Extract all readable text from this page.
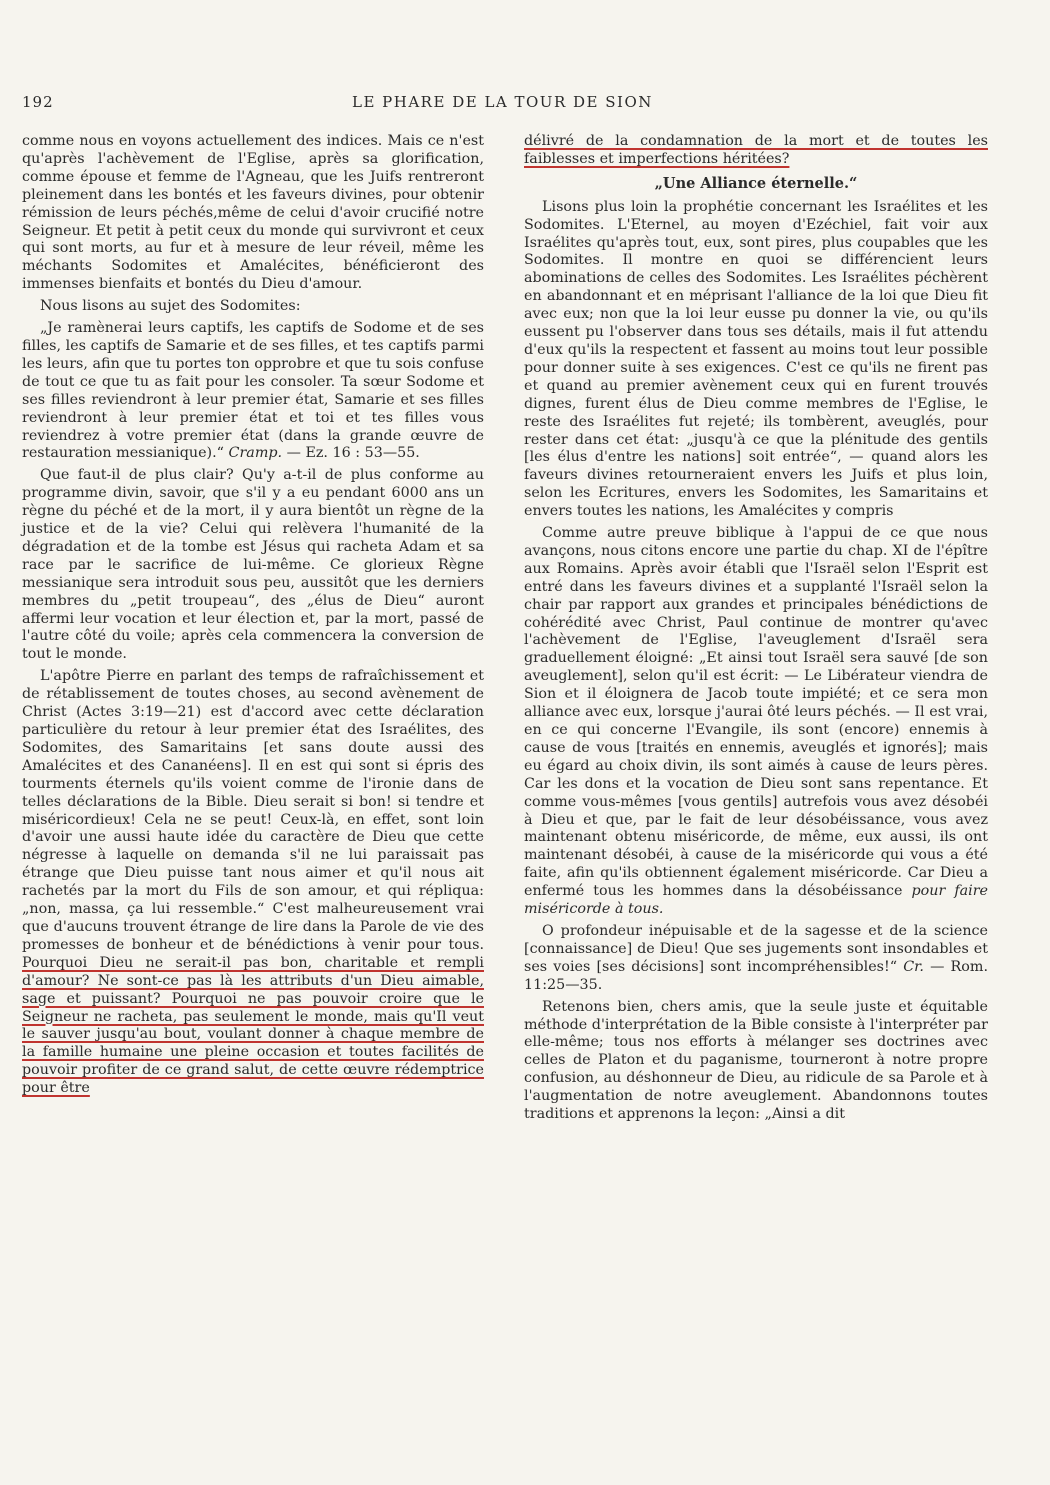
192	LE PHARE DE LA TOUR DE SION

comme nous en voyons actuellement des indices. Mais ce n'est qu'après l'achèvement de l'Eglise, après sa glorification, comme épouse et femme de l'Agneau, que les Juifs rentreront pleinement dans les bontés et les faveurs divines, pour obtenir rémission de leurs péchés,même de celui d'avoir crucifié notre Seigneur. Et petit à petit ceux du monde qui survivront et ceux qui sont morts, au fur et à mesure de leur réveil, même les méchants Sodomites et Amalécites, bénéficieront des immenses bienfaits et bontés du Dieu d'amour.

Nous lisons au sujet des Sodomites:

„Je ramènerai leurs captifs, les captifs de Sodome et de ses filles, les captifs de Samarie et de ses filles, et tes captifs parmi les leurs, afin que tu portes ton opprobre et que tu sois confuse de tout ce que tu as fait pour les consoler. Ta sœur Sodome et ses filles reviendront à leur premier état, Samarie et ses filles reviendront à leur premier état et toi et tes filles vous reviendrez à votre premier état (dans la grande œuvre de restauration messianique).“ Cramp. — Ez. 16 : 53—55.

Que faut-il de plus clair? Qu'y a-t-il de plus conforme au programme divin, savoir, que s'il y a eu pendant 6000 ans un règne du péché et de la mort, il y aura bientôt un règne de la justice et de la vie? Celui qui relèvera l'humanité de la dégradation et de la tombe est Jésus qui racheta Adam et sa race par le sacrifice de lui-même. Ce glorieux Règne messianique sera introduit sous peu, aussitôt que les derniers membres du „petit troupeau“, des „élus de Dieu“ auront affermi leur vocation et leur élection et, par la mort, passé de l'autre côté du voile; après cela commencera la conversion de tout le monde.

L'apôtre Pierre en parlant des temps de rafraîchissement et de rétablissement de toutes choses, au second avènement de Christ (Actes 3:19—21) est d'accord avec cette déclaration particulière du retour à leur premier état des Israélites, des Sodomites, des Samaritains [et sans doute aussi des Amalécites et des Cananéens]. Il en est qui sont si épris des tourments éternels qu'ils voient comme de l'ironie dans de telles déclarations de la Bible. Dieu serait si bon! si tendre et miséricordieux! Cela ne se peut! Ceux-là, en effet, sont loin d'avoir une aussi haute idée du caractère de Dieu que cette négresse à laquelle on demanda s'il ne lui paraissait pas étrange que Dieu puisse tant nous aimer et qu'il nous ait rachetés par la mort du Fils de son amour, et qui répliqua: „non, massa, ça lui ressemble.“ C'est malheureusement vrai que d'aucuns trouvent étrange de lire dans la Parole de vie des promesses de bonheur et de bénédictions à venir pour tous. Pourquoi Dieu ne serait-il pas bon, charitable et rempli d'amour? Ne sont-ce pas là les attributs d'un Dieu aimable, sage et puissant? Pourquoi ne pas pouvoir croire que le Seigneur ne racheta, pas seulement le monde, mais qu'Il veut le sauver jusqu'au bout, voulant donner à chaque membre de la famille humaine une pleine occasion et toutes facilités de pouvoir profiter de ce grand salut, de cette œuvre rédemptrice pour être

délivré de la condamnation de la mort et de toutes les faiblesses et imperfections héritées?

„Une Alliance éternelle.“

Lisons plus loin la prophétie concernant les Israélites et les Sodomites. L'Eternel, au moyen d'Ezéchiel, fait voir aux Israélites qu'après tout, eux, sont pires, plus coupables que les Sodomites. Il montre en quoi se différencient leurs abominations de celles des Sodomites. Les Israélites péchèrent en abandonnant et en méprisant l'alliance de la loi que Dieu fit avec eux; non que la loi leur eusse pu donner la vie, ou qu'ils eussent pu l'observer dans tous ses détails, mais il fut attendu d'eux qu'ils la respectent et fassent au moins tout leur possible pour donner suite à ses exigences. C'est ce qu'ils ne firent pas et quand au premier avènement ceux qui en furent trouvés dignes, furent élus de Dieu comme membres de l'Eglise, le reste des Israélites fut rejeté; ils tombèrent, aveuglés, pour rester dans cet état: „jusqu'à ce que la plénitude des gentils [les élus d'entre les nations] soit entrée“, — quand alors les faveurs divines retourneraient envers les Juifs et plus loin, selon les Ecritures, envers les Sodomites, les Samaritains et envers toutes les nations, les Amalécites y compris

Comme autre preuve biblique à l'appui de ce que nous avançons, nous citons encore une partie du chap. XI de l'épître aux Romains. Après avoir établi que l'Israël selon l'Esprit est entré dans les faveurs divines et a supplanté l'Israël selon la chair par rapport aux grandes et principales bénédictions de cohérédité avec Christ, Paul continue de montrer qu'avec l'achèvement de l'Eglise, l'aveuglement d'Israël sera graduellement éloigné: „Et ainsi tout Israël sera sauvé [de son aveuglement], selon qu'il est écrit: — Le Libérateur viendra de Sion et il éloignera de Jacob toute impiété; et ce sera mon alliance avec eux, lorsque j'aurai ôté leurs péchés. — Il est vrai, en ce qui concerne l'Evangile, ils sont (encore) ennemis à cause de vous [traités en ennemis, aveuglés et ignorés]; mais eu égard au choix divin, ils sont aimés à cause de leurs pères. Car les dons et la vocation de Dieu sont sans repentance. Et comme vous-mêmes [vous gentils] autrefois vous avez désobéi à Dieu et que, par le fait de leur désobéissance, vous avez maintenant obtenu miséricorde, de même, eux aussi, ils ont maintenant désobéi, à cause de la miséricorde qui vous a été faite, afin qu'ils obtiennent également miséricorde. Car Dieu a enfermé tous les hommes dans la désobéissance pour faire miséricorde à tous.

O profondeur inépuisable et de la sagesse et de la science [connaissance] de Dieu! Que ses jugements sont insondables et ses voies [ses décisions] sont incompréhensibles!“ Cr. — Rom. 11:25—35.

Retenons bien, chers amis, que la seule juste et équitable méthode d'interprétation de la Bible consiste à l'interpréter par elle-même; tous nos efforts à mélanger ses doctrines avec celles de Platon et du paganisme, tourneront à notre propre confusion, au déshonneur de Dieu, au ridicule de sa Parole et à l'augmentation de notre aveuglement. Abandonnons toutes traditions et apprenons la leçon: „Ainsi a dit
